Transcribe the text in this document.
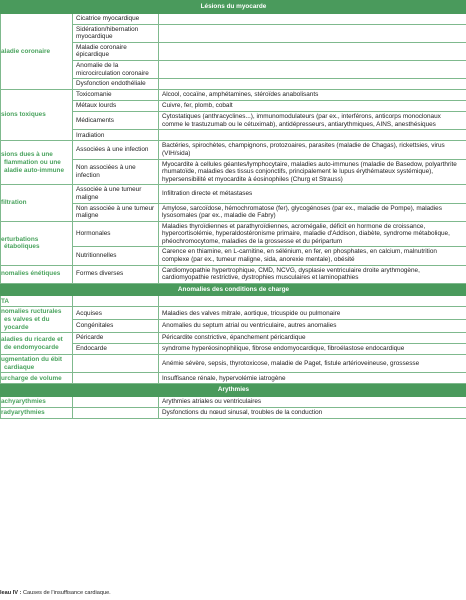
Lésions du myocarde		
aladie coronaire	Cicatrice myocardique	
	Sidération/hibernation myocardique	
	Maladie coronaire épicardique	
	Anomalie de la microcirculation coronaire	
	Dysfonction endothéliale	
sions toxiques	Toxicomanie	Alcool, cocaïne, amphétamines, stéroïdes anabolisants
	Métaux lourds	Cuivre, fer, plomb, cobalt
	Médicaments	Cytostatiques (anthracyclines...), immunomodulateurs (par ex., interférons, anticorps monoclonaux comme le trastuzumab ou le cétuximab), antidépresseurs, antiarythmiques, AINS, anesthésiques
	Irradiation	
sions dues à une flammation ou une aladie auto-immune	Associées à une infection	Bactéries, spirochètes, champignons, protozoaires, parasites (maladie de Chagas), rickettsies, virus (VIH/sida)
	Non associées à une infection	Myocardite à cellules géantes/lymphocytaire, maladies auto-immunes (maladie de Basedow, polyarthrite rhumatoïde, maladies des tissus conjonctifs, principalement le lupus érythémateux systémique), hypersensibilité et myocardite à éosinophiles (Churg et Strauss)
filtration	Associée à une tumeur maligne	Infiltration directe et métastases
	Non associée à une tumeur maligne	Amylose, sarcoïdose, hémochromatose (fer), glycogénoses (par ex., maladie de Pompe), maladies lysosomales (par ex., maladie de Fabry)
erturbations étaboliques	Hormonales	Maladies thyroïdiennes et parathyroïdiennes, acromégalie, déficit en hormone de croissance, hypercortisolémie, hyperaldostéronisme primaire, maladie d'Addison, diabète, syndrome métabolique, phéochromocytome, maladies de la grossesse et du péripartum
	Nutritionnelles	Carence en thiamine, en L-carnitine, en sélénium, en fer, en phosphates, en calcium, malnutrition complexe (par ex., tumeur maligne, sida, anorexie mentale), obésité
nomalies énétiques	Formes diverses	Cardiomyopathie hypertrophique, CMD, NCVG, dysplasie ventriculaire droite arythmogène, cardiomyopathie restrictive, dystrophies musculaires et laminopathies
Anomalies des conditions de charge		
TA		
nomalies ructurales es valves et du yocarde	Acquises	Maladies des valves mitrale, aortique, tricuspide ou pulmonaire
	Congénitales	Anomalies du septum atrial ou ventriculaire, autres anomalies
aladies du ricarde et de endomyocarde	Péricarde	Péricardite constrictive, épanchement péricardique
	Endocarde	syndrome hyperéosinophilique, fibrose endomyocardique, fibroélastose endocardique
ugmentation du ébit cardiaque		Anémie sévère, sepsis, thyrotoxicose, maladie de Paget, fistule artérioveineuse, grossesse
urcharge de volume		Insuffisance rénale, hypervolémie iatrogène
Arythmies		
achyarythmies		Arythmies atriales ou ventriculaires
radyarythmies		Dysfonctions du nœud sinusal, troubles de la conduction
leau IV : Causes de l'insuffisance cardiaque.
